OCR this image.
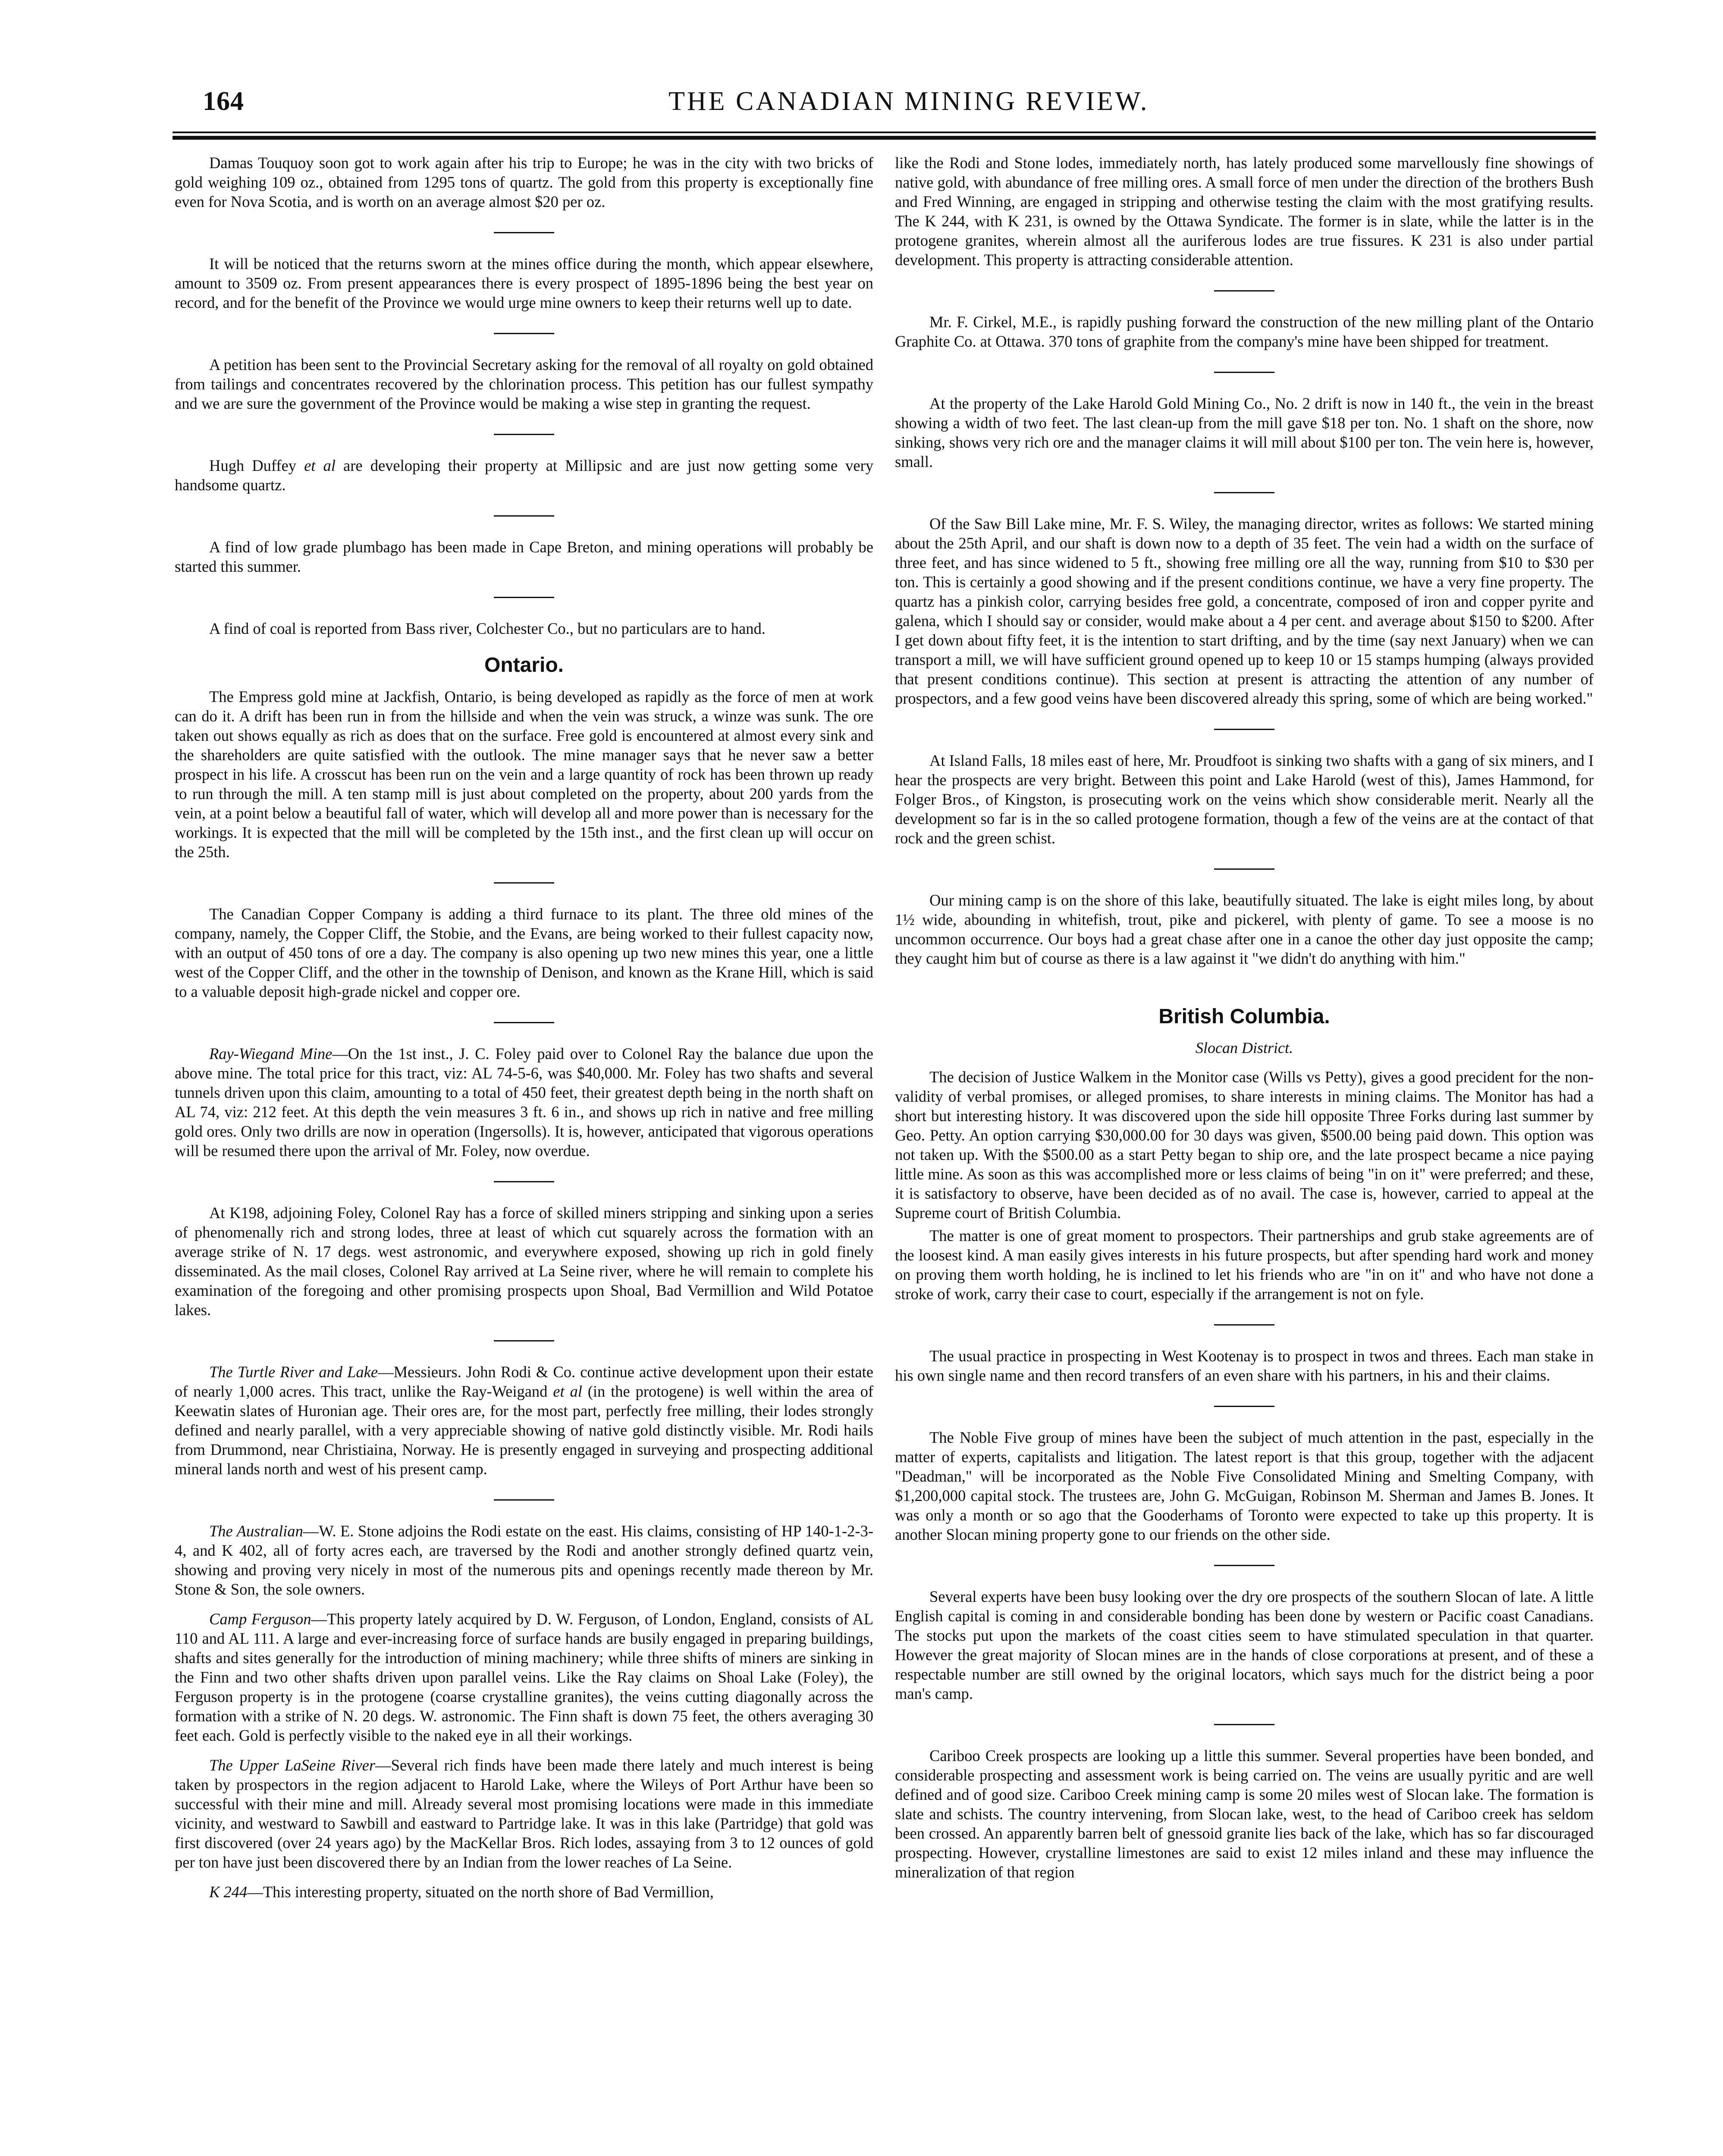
164	THE CANADIAN MINING REVIEW.

Damas Touquoy soon got to work again after his trip to Europe; he was in the city with two bricks of gold weighing 109 oz., obtained from 1295 tons of quartz. The gold from this property is exceptionally fine even for Nova Scotia, and is worth on an average almost $20 per oz.

It will be noticed that the returns sworn at the mines office during the month, which appear elsewhere, amount to 3509 oz. From present appearances there is every prospect of 1895-1896 being the best year on record, and for the benefit of the Province we would urge mine owners to keep their returns well up to date.

A petition has been sent to the Provincial Secretary asking for the removal of all royalty on gold obtained from tailings and concentrates recovered by the chlorination process. This petition has our fullest sympathy and we are sure the government of the Province would be making a wise step in granting the request.

Hugh Duffey et al are developing their property at Millipsic and are just now getting some very handsome quartz.

A find of low grade plumbago has been made in Cape Breton, and mining operations will probably be started this summer.

A find of coal is reported from Bass river, Colchester Co., but no particulars are to hand.

Ontario.

The Empress gold mine at Jackfish, Ontario, is being developed as rapidly as the force of men at work can do it. A drift has been run in from the hillside and when the vein was struck, a winze was sunk. The ore taken out shows equally as rich as does that on the surface. Free gold is encountered at almost every sink and the shareholders are quite satisfied with the outlook. The mine manager says that he never saw a better prospect in his life. A crosscut has been run on the vein and a large quantity of rock has been thrown up ready to run through the mill. A ten stamp mill is just about completed on the property, about 200 yards from the vein, at a point below a beautiful fall of water, which will develop all and more power than is necessary for the workings. It is expected that the mill will be completed by the 15th inst., and the first clean up will occur on the 25th.

The Canadian Copper Company is adding a third furnace to its plant. The three old mines of the company, namely, the Copper Cliff, the Stobie, and the Evans, are being worked to their fullest capacity now, with an output of 450 tons of ore a day. The company is also opening up two new mines this year, one a little west of the Copper Cliff, and the other in the township of Denison, and known as the Krane Hill, which is said to a valuable deposit high-grade nickel and copper ore.

Ray-Wiegand Mine—On the 1st inst., J. C. Foley paid over to Colonel Ray the balance due upon the above mine. The total price for this tract, viz: AL 74-5-6, was $40,000. Mr. Foley has two shafts and several tunnels driven upon this claim, amounting to a total of 450 feet, their greatest depth being in the north shaft on AL 74, viz: 212 feet. At this depth the vein measures 3 ft. 6 in., and shows up rich in native and free milling gold ores. Only two drills are now in operation (Ingersolls). It is, however, anticipated that vigorous operations will be resumed there upon the arrival of Mr. Foley, now overdue.

At K198, adjoining Foley, Colonel Ray has a force of skilled miners stripping and sinking upon a series of phenomenally rich and strong lodes, three at least of which cut squarely across the formation with an average strike of N. 17 degs. west astronomic, and everywhere exposed, showing up rich in gold finely disseminated. As the mail closes, Colonel Ray arrived at La Seine river, where he will remain to complete his examination of the foregoing and other promising prospects upon Shoal, Bad Vermillion and Wild Potatoe lakes.

The Turtle River and Lake—Messieurs. John Rodi & Co. continue active development upon their estate of nearly 1,000 acres. This tract, unlike the Ray-Weigand et al (in the protogene) is well within the area of Keewatin slates of Huronian age. Their ores are, for the most part, perfectly free milling, their lodes strongly defined and nearly parallel, with a very appreciable showing of native gold distinctly visible. Mr. Rodi hails from Drummond, near Christiaina, Norway. He is presently engaged in surveying and prospecting additional mineral lands north and west of his present camp.

The Australian—W. E. Stone adjoins the Rodi estate on the east. His claims, consisting of HP 140-1-2-3-4, and K 402, all of forty acres each, are traversed by the Rodi and another strongly defined quartz vein, showing and proving very nicely in most of the numerous pits and openings recently made thereon by Mr. Stone & Son, the sole owners.

Camp Ferguson—This property lately acquired by D. W. Ferguson, of London, England, consists of AL 110 and AL 111. A large and ever-increasing force of surface hands are busily engaged in preparing buildings, shafts and sites generally for the introduction of mining machinery; while three shifts of miners are sinking in the Finn and two other shafts driven upon parallel veins. Like the Ray claims on Shoal Lake (Foley), the Ferguson property is in the protogene (coarse crystalline granites), the veins cutting diagonally across the formation with a strike of N. 20 degs. W. astronomic. The Finn shaft is down 75 feet, the others averaging 30 feet each. Gold is perfectly visible to the naked eye in all their workings.

The Upper LaSeine River—Several rich finds have been made there lately and much interest is being taken by prospectors in the region adjacent to Harold Lake, where the Wileys of Port Arthur have been so successful with their mine and mill. Already several most promising locations were made in this immediate vicinity, and westward to Sawbill and eastward to Partridge lake. It was in this lake (Partridge) that gold was first discovered (over 24 years ago) by the MacKellar Bros. Rich lodes, assaying from 3 to 12 ounces of gold per ton have just been discovered there by an Indian from the lower reaches of La Seine.

K 244—This interesting property, situated on the north shore of Bad Vermillion,

like the Rodi and Stone lodes, immediately north, has lately produced some marvellously fine showings of native gold, with abundance of free milling ores. A small force of men under the direction of the brothers Bush and Fred Winning, are engaged in stripping and otherwise testing the claim with the most gratifying results. The K 244, with K 231, is owned by the Ottawa Syndicate. The former is in slate, while the latter is in the protogene granites, wherein almost all the auriferous lodes are true fissures. K 231 is also under partial development. This property is attracting considerable attention.

Mr. F. Cirkel, M.E., is rapidly pushing forward the construction of the new milling plant of the Ontario Graphite Co. at Ottawa. 370 tons of graphite from the company's mine have been shipped for treatment.

At the property of the Lake Harold Gold Mining Co., No. 2 drift is now in 140 ft., the vein in the breast showing a width of two feet. The last clean-up from the mill gave $18 per ton. No. 1 shaft on the shore, now sinking, shows very rich ore and the manager claims it will mill about $100 per ton. The vein here is, however, small.

Of the Saw Bill Lake mine, Mr. F. S. Wiley, the managing director, writes as follows: We started mining about the 25th April, and our shaft is down now to a depth of 35 feet. The vein had a width on the surface of three feet, and has since widened to 5 ft., showing free milling ore all the way, running from $10 to $30 per ton. This is certainly a good showing and if the present conditions continue, we have a very fine property. The quartz has a pinkish color, carrying besides free gold, a concentrate, composed of iron and copper pyrite and galena, which I should say or consider, would make about a 4 per cent. and average about $150 to $200. After I get down about fifty feet, it is the intention to start drifting, and by the time (say next January) when we can transport a mill, we will have sufficient ground opened up to keep 10 or 15 stamps humping (always provided that present conditions continue). This section at present is attracting the attention of any number of prospectors, and a few good veins have been discovered already this spring, some of which are being worked."

At Island Falls, 18 miles east of here, Mr. Proudfoot is sinking two shafts with a gang of six miners, and I hear the prospects are very bright. Between this point and Lake Harold (west of this), James Hammond, for Folger Bros., of Kingston, is prosecuting work on the veins which show considerable merit. Nearly all the development so far is in the so called protogene formation, though a few of the veins are at the contact of that rock and the green schist.

Our mining camp is on the shore of this lake, beautifully situated. The lake is eight miles long, by about 1½ wide, abounding in whitefish, trout, pike and pickerel, with plenty of game. To see a moose is no uncommon occurrence. Our boys had a great chase after one in a canoe the other day just opposite the camp; they caught him but of course as there is a law against it "we didn't do anything with him."

British Columbia.
Slocan District.

The decision of Justice Walkem in the Monitor case (Wills vs Petty), gives a good precident for the non-validity of verbal promises, or alleged promises, to share interests in mining claims. The Monitor has had a short but interesting history. It was discovered upon the side hill opposite Three Forks during last summer by Geo. Petty. An option carrying $30,000.00 for 30 days was given, $500.00 being paid down. This option was not taken up. With the $500.00 as a start Petty began to ship ore, and the late prospect became a nice paying little mine. As soon as this was accomplished more or less claims of being "in on it" were preferred; and these, it is satisfactory to observe, have been decided as of no avail. The case is, however, carried to appeal at the Supreme court of British Columbia.

The matter is one of great moment to prospectors. Their partnerships and grub stake agreements are of the loosest kind. A man easily gives interests in his future prospects, but after spending hard work and money on proving them worth holding, he is inclined to let his friends who are "in on it" and who have not done a stroke of work, carry their case to court, especially if the arrangement is not on fyle.

The usual practice in prospecting in West Kootenay is to prospect in twos and threes. Each man stake in his own single name and then record transfers of an even share with his partners, in his and their claims.

The Noble Five group of mines have been the subject of much attention in the past, especially in the matter of experts, capitalists and litigation. The latest report is that this group, together with the adjacent "Deadman," will be incorporated as the Noble Five Consolidated Mining and Smelting Company, with $1,200,000 capital stock. The trustees are, John G. McGuigan, Robinson M. Sherman and James B. Jones. It was only a month or so ago that the Gooderhams of Toronto were expected to take up this property. It is another Slocan mining property gone to our friends on the other side.

Several experts have been busy looking over the dry ore prospects of the southern Slocan of late. A little English capital is coming in and considerable bonding has been done by western or Pacific coast Canadians. The stocks put upon the markets of the coast cities seem to have stimulated speculation in that quarter. However the great majority of Slocan mines are in the hands of close corporations at present, and of these a respectable number are still owned by the original locators, which says much for the district being a poor man's camp.

Cariboo Creek prospects are looking up a little this summer. Several properties have been bonded, and considerable prospecting and assessment work is being carried on. The veins are usually pyritic and are well defined and of good size. Cariboo Creek mining camp is some 20 miles west of Slocan lake. The formation is slate and schists. The country intervening, from Slocan lake, west, to the head of Cariboo creek has seldom been crossed. An apparently barren belt of gnessoid granite lies back of the lake, which has so far discouraged prospecting. However, crystalline limestones are said to exist 12 miles inland and these may influence the mineralization of that region
